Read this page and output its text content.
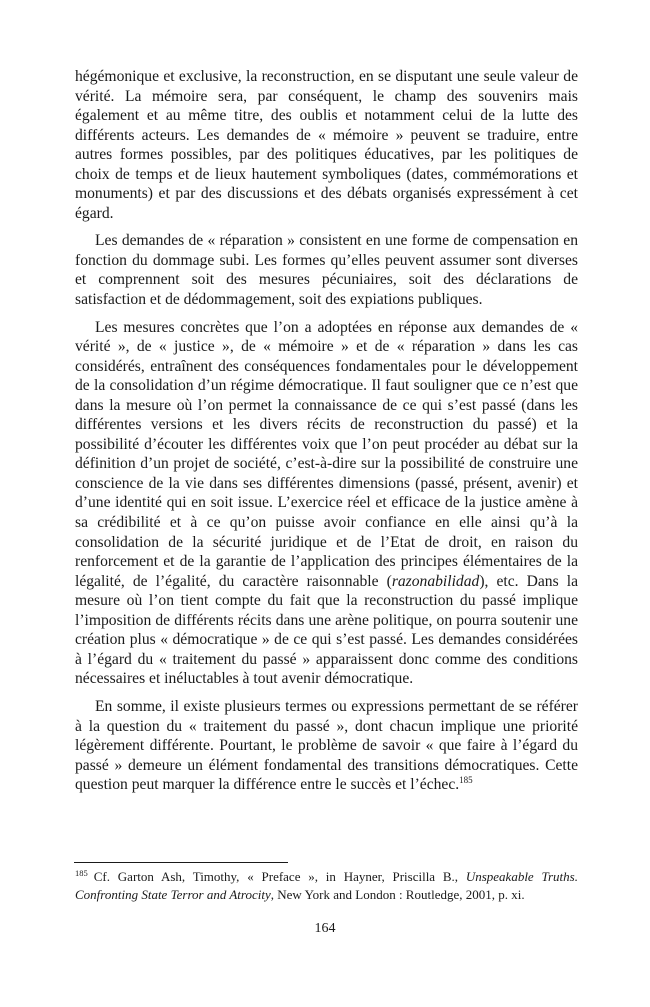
hégémonique et exclusive, la reconstruction, en se disputant une seule valeur de vérité. La mémoire sera, par conséquent, le champ des souvenirs mais également et au même titre, des oublis et notamment celui de la lutte des différents acteurs. Les demandes de « mémoire » peuvent se traduire, entre autres formes possibles, par des politiques éducatives, par les politiques de choix de temps et de lieux hautement symboliques (dates, commémorations et monuments) et par des discussions et des débats organisés expressément à cet égard.

Les demandes de « réparation » consistent en une forme de compensation en fonction du dommage subi. Les formes qu’elles peuvent assumer sont diverses et comprennent soit des mesures pécuniaires, soit des déclarations de satisfaction et de dédommagement, soit des expiations publiques.

Les mesures concrètes que l’on a adoptées en réponse aux demandes de « vérité », de « justice », de « mémoire » et de « réparation » dans les cas considérés, entraînent des conséquences fondamentales pour le développement de la consolidation d’un régime démocratique. Il faut souligner que ce n’est que dans la mesure où l’on permet la connaissance de ce qui s’est passé (dans les différentes versions et les divers récits de reconstruction du passé) et la possibilité d’écouter les différentes voix que l’on peut procéder au débat sur la définition d’un projet de société, c’est-à-dire sur la possibilité de construire une conscience de la vie dans ses différentes dimensions (passé, présent, avenir) et d’une identité qui en soit issue. L’exercice réel et efficace de la justice amène à sa crédibilité et à ce qu’on puisse avoir confiance en elle ainsi qu’à la consolidation de la sécurité juridique et de l’Etat de droit, en raison du renforcement et de la garantie de l’application des principes élémentaires de la légalité, de l’égalité, du caractère raisonnable (razonabilidad), etc. Dans la mesure où l’on tient compte du fait que la reconstruction du passé implique l’imposition de différents récits dans une arène politique, on pourra soutenir une création plus « démocratique » de ce qui s’est passé. Les demandes considérées à l’égard du « traitement du passé » apparaissent donc comme des conditions nécessaires et inéluctables à tout avenir démocratique.

En somme, il existe plusieurs termes ou expressions permettant de se référer à la question du « traitement du passé », dont chacun implique une priorité légèrement différente. Pourtant, le problème de savoir « que faire à l’égard du passé » demeure un élément fondamental des transitions démocratiques. Cette question peut marquer la différence entre le succès et l’échec.$^{185}$

$^{185}$ Cf. Garton Ash, Timothy, « Preface », in Hayner, Priscilla B., Unspeakable Truths. Confronting State Terror and Atrocity, New York and London : Routledge, 2001, p. xi.
164
